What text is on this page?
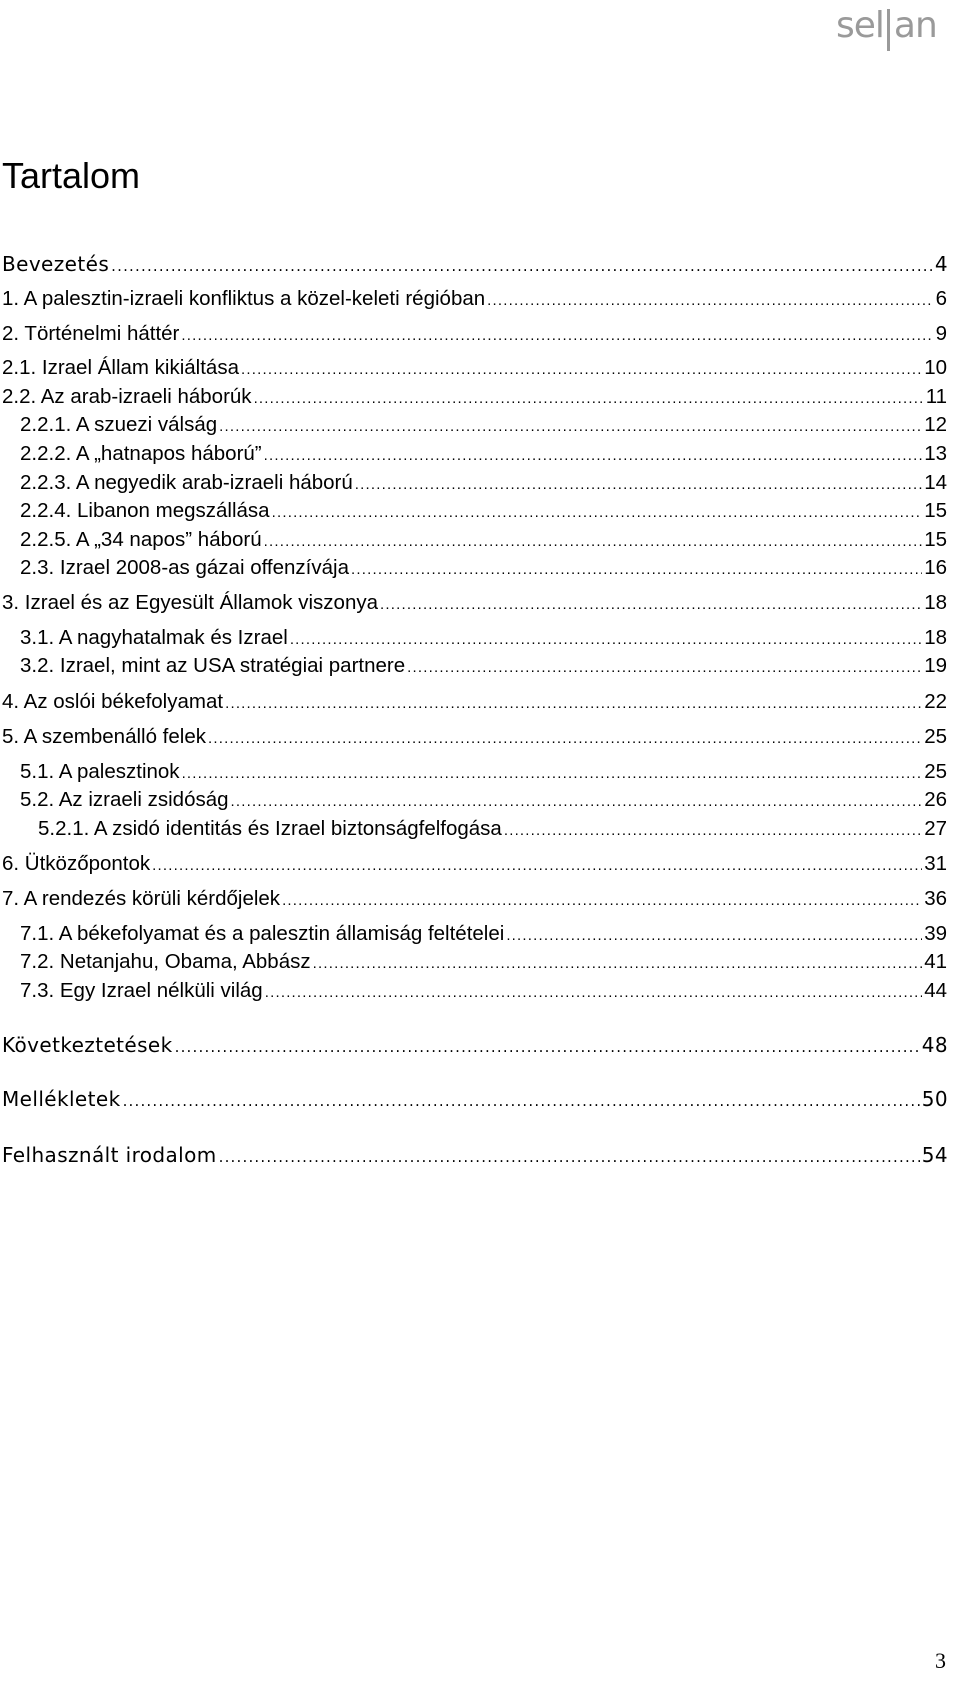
sel an
Tartalom
Bevezetés .....	4
1. A palesztin-izraeli konfliktus a közel-keleti régióban .....	6
2. Történelmi háttér .....	9
2.1. Izrael Állam kikiáltása .....	10
2.2. Az arab-izraeli háborúk .....	11
2.2.1. A szuezi válság .....	12
2.2.2. A „hatnapos háború” .....	13
2.2.3. A negyedik arab-izraeli háború .....	14
2.2.4. Libanon megszállása .....	15
2.2.5. A „34 napos” háború .....	15
2.3. Izrael 2008-as gázai offenzívája .....	16
3. Izrael és az Egyesült Államok viszonya .....	18
3.1. A nagyhatalmak és Izrael .....	18
3.2. Izrael, mint az USA stratégiai partnere .....	19
4. Az oslói békefolyamat .....	22
5. A szembenálló felek .....	25
5.1. A palesztinok .....	25
5.2. Az izraeli zsidóság .....	26
5.2.1. A zsidó identitás és Izrael biztonságfelfogása .....	27
6. Ütközőpontok .....	31
7. A rendezés körüli kérdőjelek .....	36
7.1. A békefolyamat és a palesztin államiság feltételei .....	39
7.2. Netanjahu, Obama, Abbász .....	41
7.3. Egy Izrael nélküli világ .....	44
Következtetések .....	48
Mellékletek .....	50
Felhasznált irodalom .....	54
3
